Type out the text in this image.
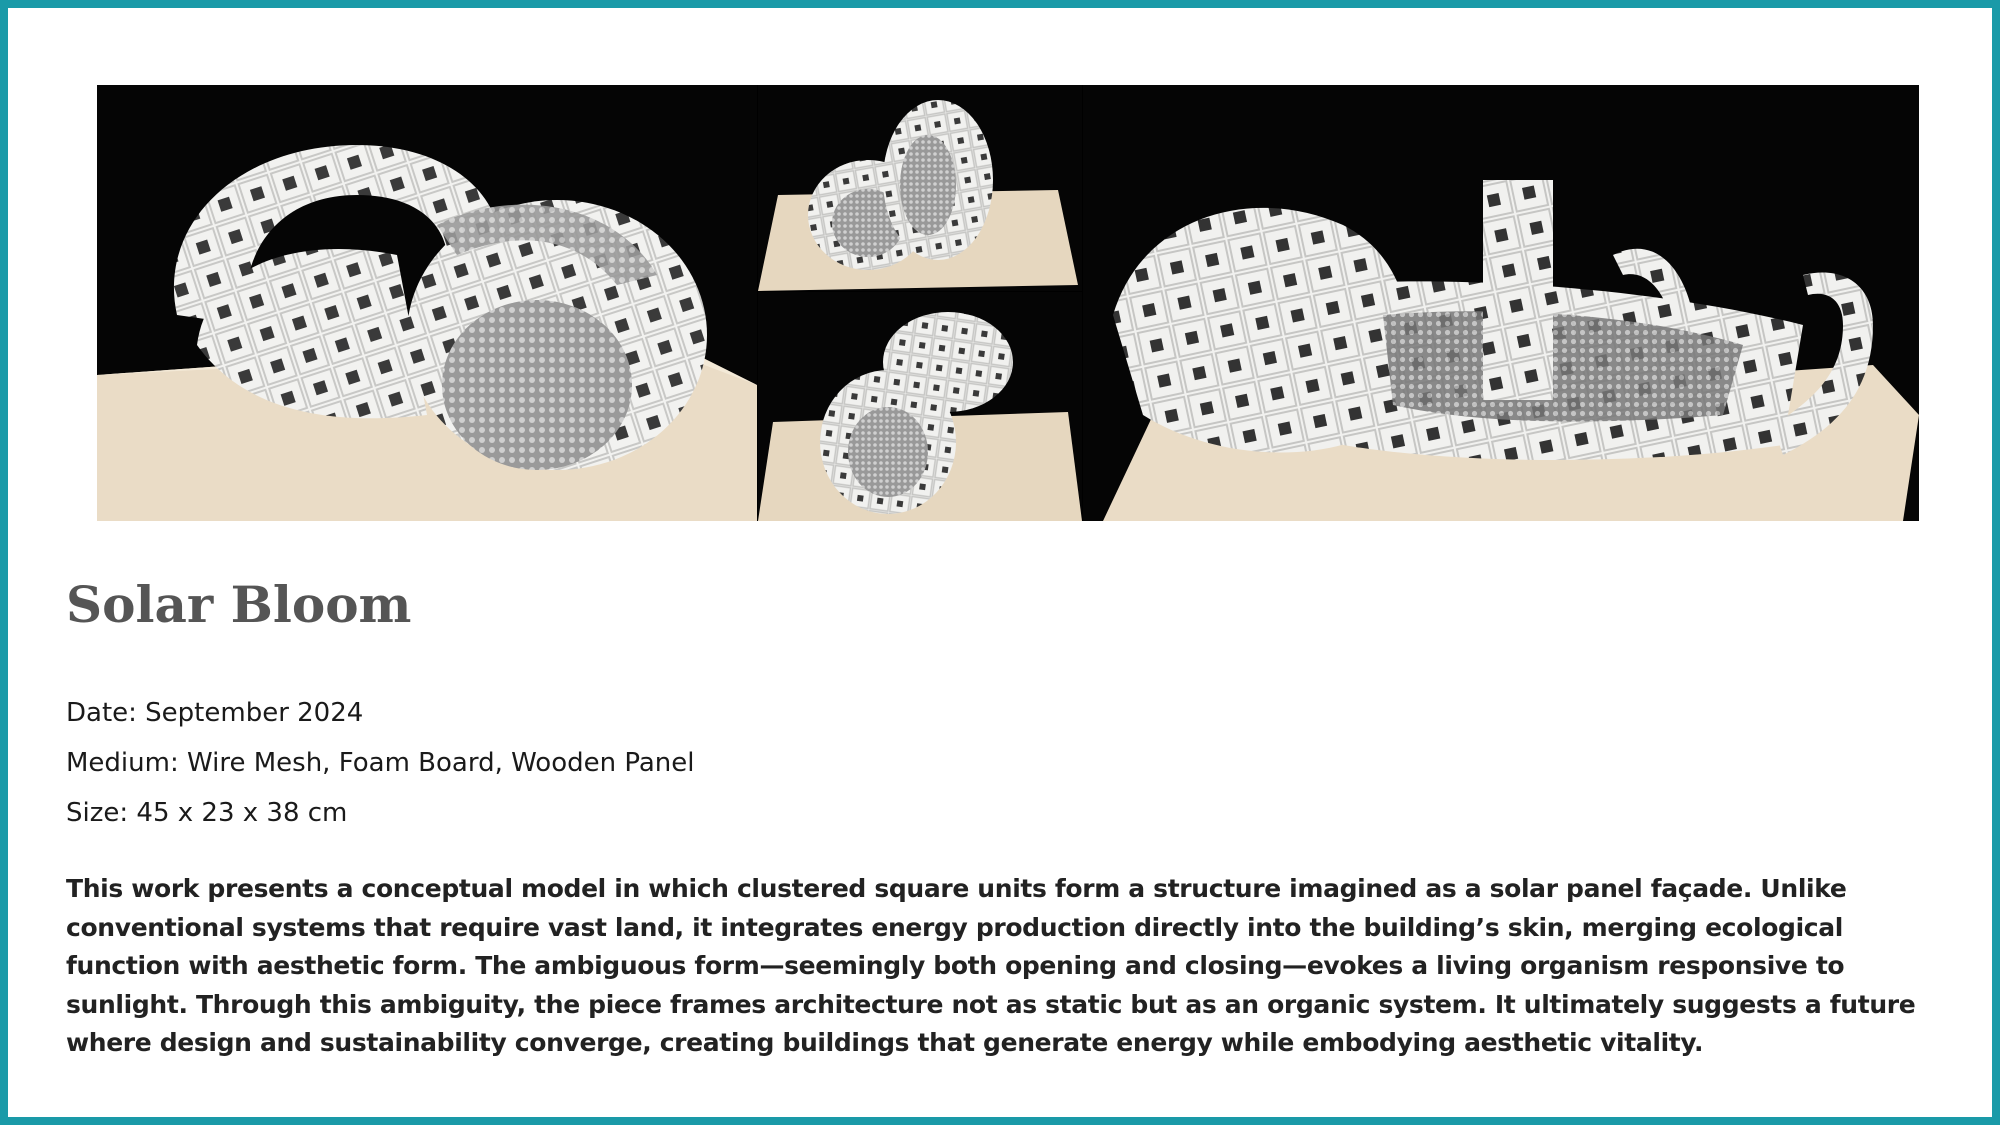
Solar Bloom
Date: September 2024
Medium: Wire Mesh, Foam Board, Wooden Panel
Size: 45 x 23 x 38 cm

This work presents a conceptual model in which clustered square units form a structure imagined as a solar panel façade. Unlike conventional systems that require vast land, it integrates energy production directly into the building’s skin, merging ecological function with aesthetic form. The ambiguous form—seemingly both opening and closing—evokes a living organism responsive to sunlight. Through this ambiguity, the piece frames architecture not as static but as an organic system. It ultimately suggests a future where design and sustainability converge, creating buildings that generate energy while embodying aesthetic vitality.
